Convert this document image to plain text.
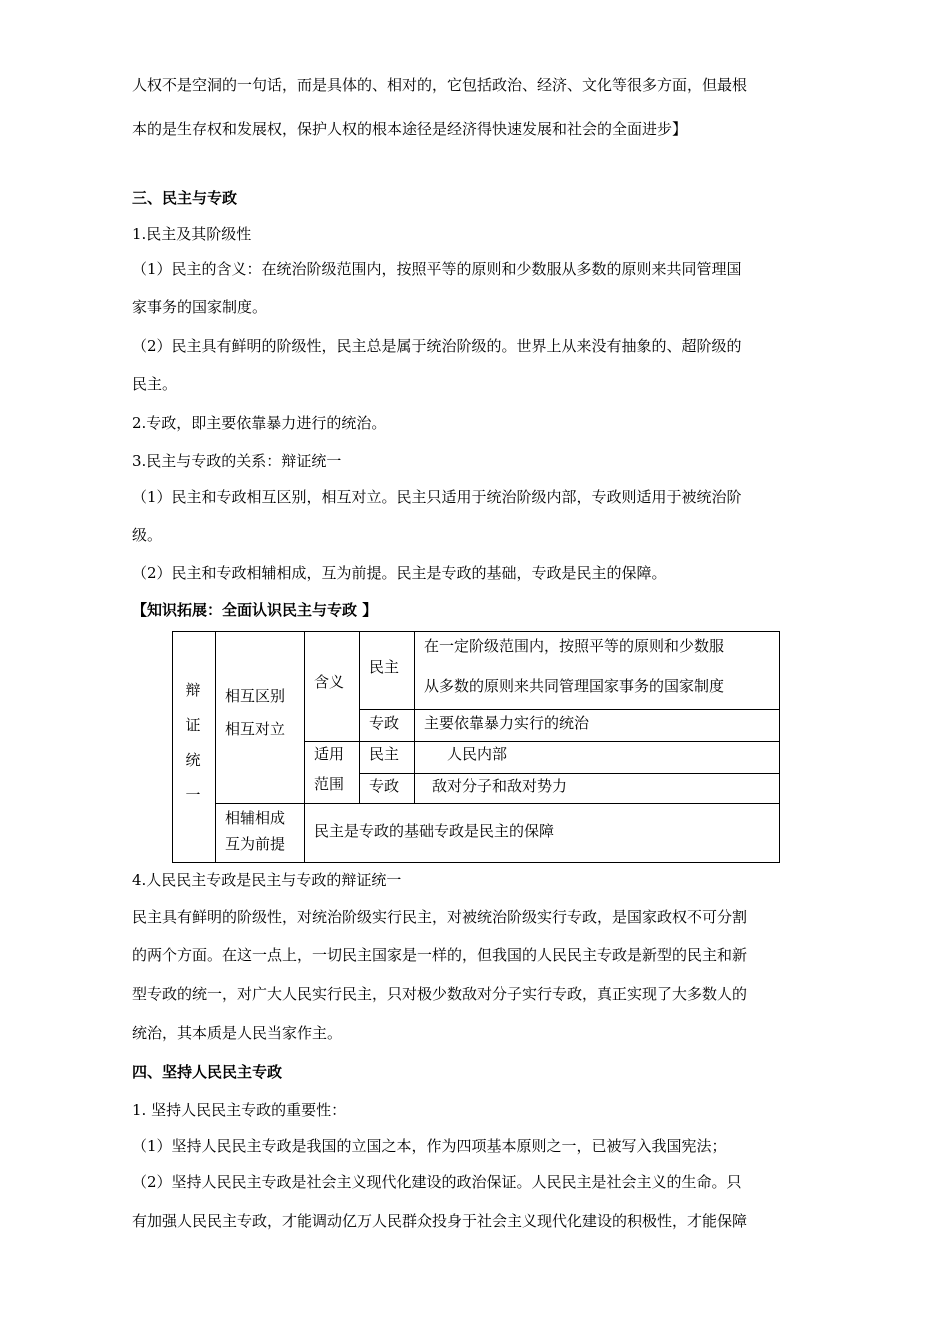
人权不是空洞的一句话，而是具体的、相对的，它包括政治、经济、文化等很多方面，但最根
本的是生存权和发展权，保护人权的根本途径是经济得快速发展和社会的全面进步】
三、民主与专政
1.民主及其阶级性
（1）民主的含义：在统治阶级范围内，按照平等的原则和少数服从多数的原则来共同管理国
家事务的国家制度。
（2）民主具有鲜明的阶级性，民主总是属于统治阶级的。世界上从来没有抽象的、超阶级的
民主。
2.专政，即主要依靠暴力进行的统治。
3.民主与专政的关系：辩证统一
（1）民主和专政相互区别，相互对立。民主只适用于统治阶级内部，专政则适用于被统治阶
级。
（2）民主和专政相辅相成，互为前提。民主是专政的基础，专政是民主的保障。
【知识拓展：全面认识民主与专政 】
辩
证
统
一
相互区别
相互对立
含义
民主
在一定阶级范围内，按照平等的原则和少数服
从多数的原则来共同管理国家事务的国家制度
专政 主要依靠暴力实行的统治
适用
范围
民主	人民内部
专政 敌对分子和敌对势力
相辅相成
互为前提
民主是专政的基础专政是民主的保障
4.人民民主专政是民主与专政的辩证统一
民主具有鲜明的阶级性，对统治阶级实行民主，对被统治阶级实行专政，是国家政权不可分割
的两个方面。在这一点上，一切民主国家是一样的，但我国的人民民主专政是新型的民主和新
型专政的统一，对广大人民实行民主，只对极少数敌对分子实行专政，真正实现了大多数人的
统治，其本质是人民当家作主。
四、坚持人民民主专政
1. 坚持人民民主专政的重要性：
（1）坚持人民民主专政是我国的立国之本，作为四项基本原则之一，已被写入我国宪法；
（2）坚持人民民主专政是社会主义现代化建设的政治保证。人民民主是社会主义的生命。只
有加强人民民主专政，才能调动亿万人民群众投身于社会主义现代化建设的积极性，才能保障
